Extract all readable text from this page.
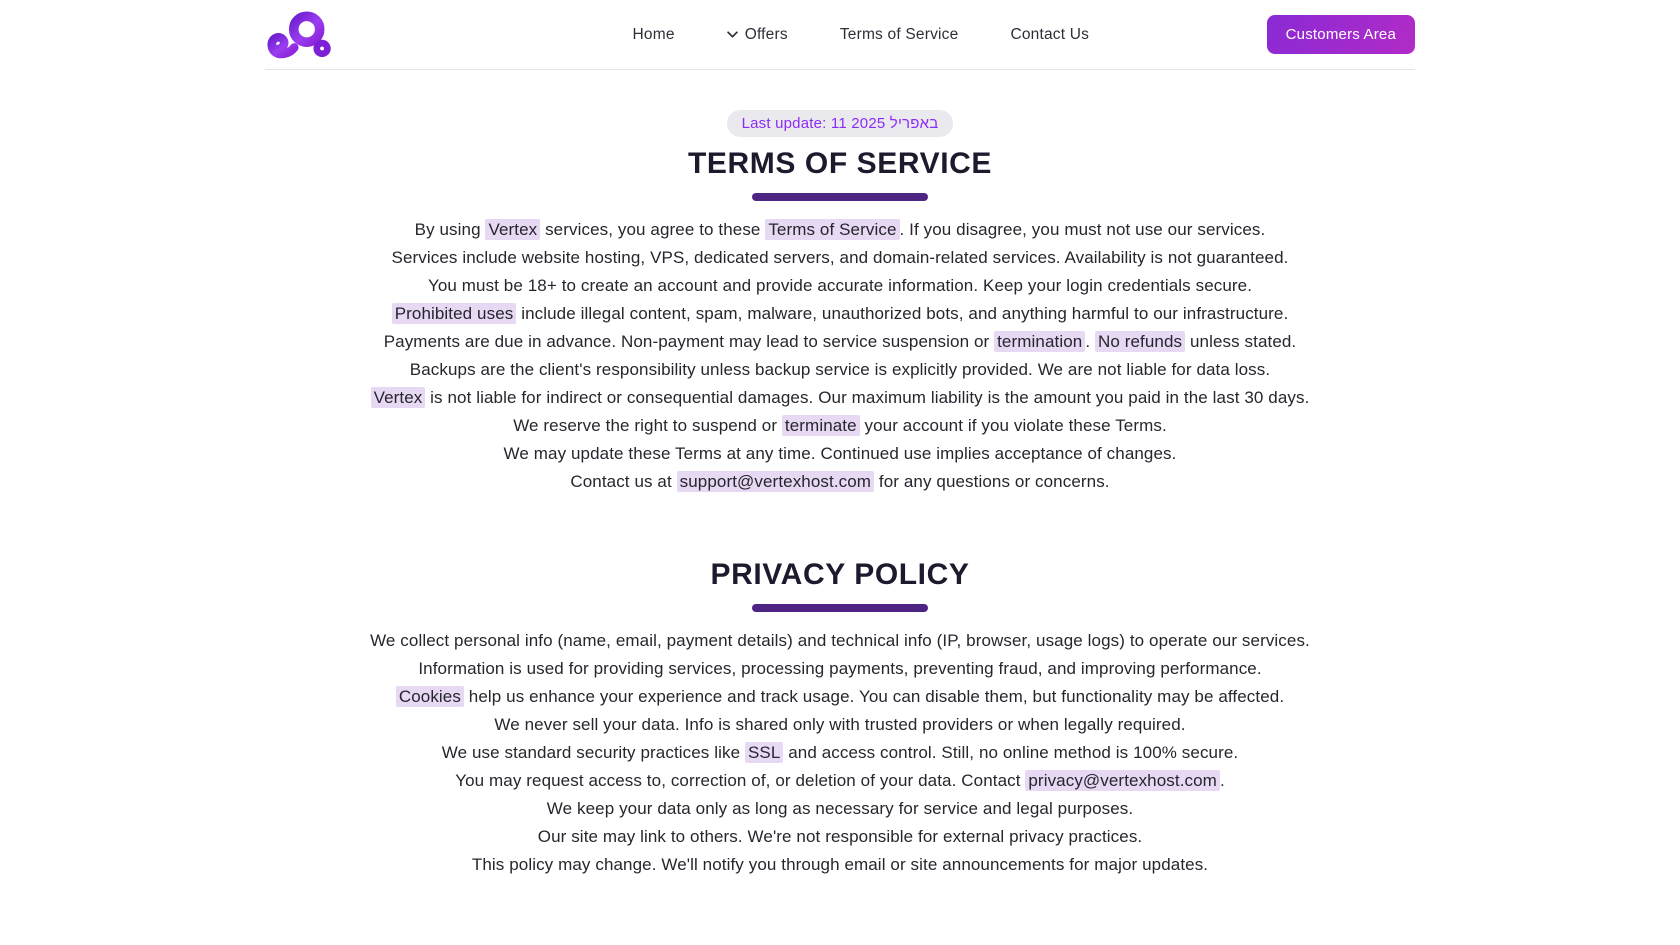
Home	Offers	Terms of Service	Contact Us	Customers Area
Last update: 11 באפריל 2025
TERMS OF SERVICE
By using Vertex services, you agree to these Terms of Service . If you disagree, you must not use our services.
Services include website hosting, VPS, dedicated servers, and domain-related services. Availability is not guaranteed.
You must be 18+ to create an account and provide accurate information. Keep your login credentials secure.
Prohibited uses include illegal content, spam, malware, unauthorized bots, and anything harmful to our infrastructure.
Payments are due in advance. Non-payment may lead to service suspension or termination . No refunds unless stated.
Backups are the client's responsibility unless backup service is explicitly provided. We are not liable for data loss.
Vertex is not liable for indirect or consequential damages. Our maximum liability is the amount you paid in the last 30 days.
We reserve the right to suspend or terminate your account if you violate these Terms.
We may update these Terms at any time. Continued use implies acceptance of changes.
Contact us at support@vertexhost.com for any questions or concerns.
PRIVACY POLICY
We collect personal info (name, email, payment details) and technical info (IP, browser, usage logs) to operate our services.
Information is used for providing services, processing payments, preventing fraud, and improving performance.
Cookies help us enhance your experience and track usage. You can disable them, but functionality may be affected.
We never sell your data. Info is shared only with trusted providers or when legally required.
We use standard security practices like SSL and access control. Still, no online method is 100% secure.
You may request access to, correction of, or deletion of your data. Contact privacy@vertexhost.com .
We keep your data only as long as necessary for service and legal purposes.
Our site may link to others. We're not responsible for external privacy practices.
This policy may change. We'll notify you through email or site announcements for major updates.
